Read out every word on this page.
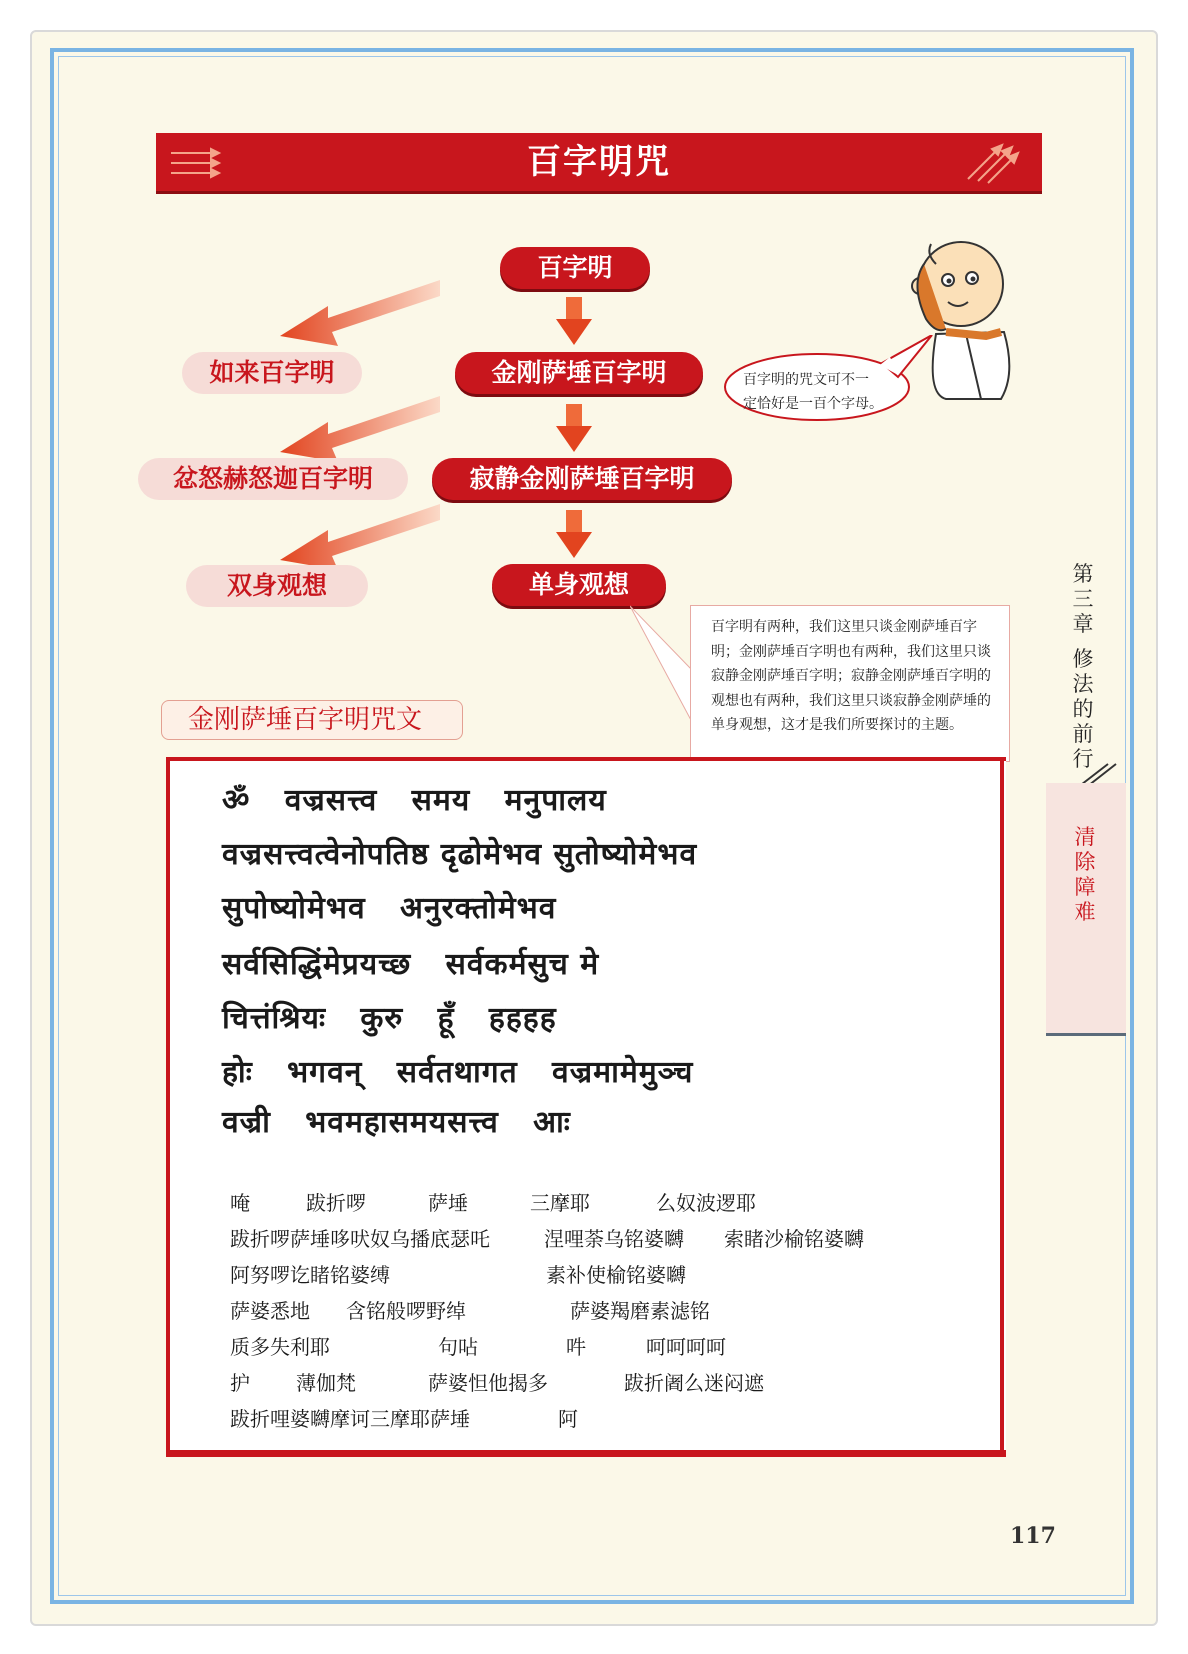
百字明咒
百字明
金刚萨埵百字明
寂静金刚萨埵百字明
单身观想
如来百字明
忿怒赫怒迦百字明
双身观想
百字明的咒文可不一
定恰好是一百个字母。
百字明有两种，我们这里只谈金刚萨埵百字明；金刚萨埵百字明也有两种，我们这里只谈寂静金刚萨埵百字明；寂静金刚萨埵百字明的观想也有两种，我们这里只谈寂静金刚萨埵的单身观想，这才是我们所要探讨的主题。
金刚萨埵百字明咒文
ॐ   वज्रसत्त्व   समय   मनुपालय
वज्रसत्त्वत्वेनोपतिष्ठ दृढोमेभव सुतोष्योमेभव
सुपोष्योमेभव   अनुरक्तोमेभव
सर्वसिद्धिंमेप्रयच्छ   सर्वकर्मसुच मे
चित्तंश्रियः   कुरु   हूँ   हहहह
होः   भगवन्   सर्वतथागत   वज्रमामेमुञ्च
वज्री   भवमहासमयसत्त्व   आः
唵	跋折啰	萨埵	三摩耶	么奴波逻耶
跋折啰萨埵哆吠奴乌播底瑟吒	涅哩荼乌铭婆嚩 索睹沙榆铭婆嚩
阿努啰讫睹铭婆缚	素补使榆铭婆嚩
萨婆悉地 含铭般啰野绰	萨婆羯磨素滤铭
质多失利耶	句呫	吽	呵呵呵呵
护 薄伽梵	萨婆怛他揭多	跋折阇么迷闷遮
跋折哩婆嚩摩诃三摩耶萨埵	阿
第三章
修法的前行
清除障难
117
